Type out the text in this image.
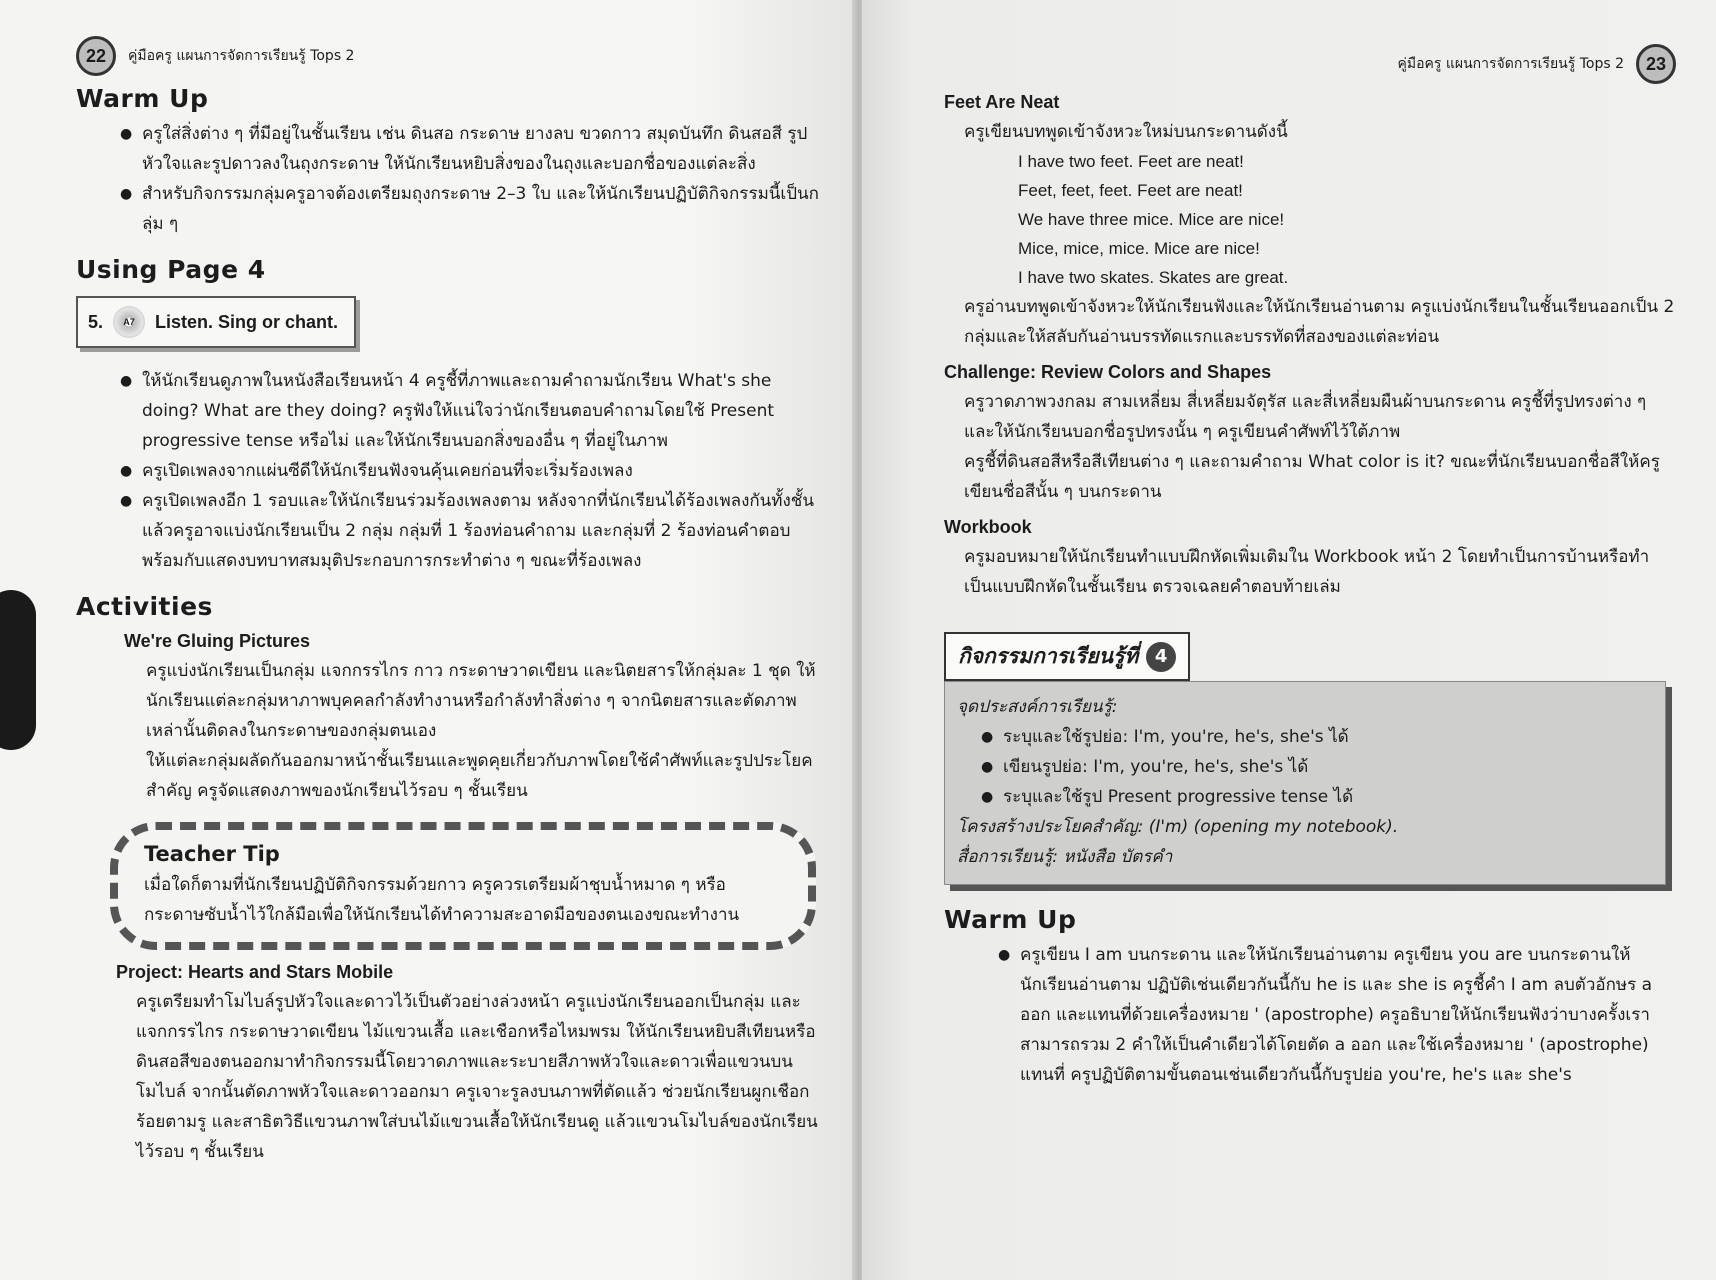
22	คู่มือครู แผนการจัดการเรียนรู้ Tops 2
Warm Up
● ครูใส่สิ่งต่าง ๆ ที่มีอยู่ในชั้นเรียน เช่น ดินสอ กระดาษ ยางลบ ขวดกาว สมุดบันทึก ดินสอสี รูปหัวใจและรูปดาวลงในถุงกระดาษ ให้นักเรียนหยิบสิ่งของในถุงและบอกชื่อของแต่ละสิ่ง
● สำหรับกิจกรรมกลุ่มครูอาจต้องเตรียมถุงกระดาษ 2–3 ใบ และให้นักเรียนปฏิบัติกิจกรรมนี้เป็นกลุ่ม ๆ
Using Page 4
5. A7 Listen. Sing or chant.
● ให้นักเรียนดูภาพในหนังสือเรียนหน้า 4 ครูชี้ที่ภาพและถามคำถามนักเรียน What's she doing? What are they doing? ครูฟังให้แน่ใจว่านักเรียนตอบคำถามโดยใช้ Present progressive tense หรือไม่ และให้นักเรียนบอกสิ่งของอื่น ๆ ที่อยู่ในภาพ
● ครูเปิดเพลงจากแผ่นซีดีให้นักเรียนฟังจนคุ้นเคยก่อนที่จะเริ่มร้องเพลง
● ครูเปิดเพลงอีก 1 รอบและให้นักเรียนร่วมร้องเพลงตาม หลังจากที่นักเรียนได้ร้องเพลงกันทั้งชั้นแล้วครูอาจแบ่งนักเรียนเป็น 2 กลุ่ม กลุ่มที่ 1 ร้องท่อนคำถาม และกลุ่มที่ 2 ร้องท่อนคำตอบ พร้อมกับแสดงบทบาทสมมุติประกอบการกระทำต่าง ๆ ขณะที่ร้องเพลง
Activities
We're Gluing Pictures

ครูแบ่งนักเรียนเป็นกลุ่ม แจกกรรไกร กาว กระดาษวาดเขียน และนิตยสารให้กลุ่มละ 1 ชุด ให้นักเรียนแต่ละกลุ่มหาภาพบุคคลกำลังทำงานหรือกำลังทำสิ่งต่าง ๆ จากนิตยสารและตัดภาพเหล่านั้นติดลงในกระดาษของกลุ่มตนเอง

ให้แต่ละกลุ่มผลัดกันออกมาหน้าชั้นเรียนและพูดคุยเกี่ยวกับภาพโดยใช้คำศัพท์และรูปประโยคสำคัญ ครูจัดแสดงภาพของนักเรียนไว้รอบ ๆ ชั้นเรียน

Teacher Tip
เมื่อใดก็ตามที่นักเรียนปฏิบัติกิจกรรมด้วยกาว ครูควรเตรียมผ้าชุบน้ำหมาด ๆ หรือกระดาษซับน้ำไว้ใกล้มือเพื่อให้นักเรียนได้ทำความสะอาดมือของตนเองขณะทำงาน
Project: Hearts and Stars Mobile

ครูเตรียมทำโมไบล์รูปหัวใจและดาวไว้เป็นตัวอย่างล่วงหน้า ครูแบ่งนักเรียนออกเป็นกลุ่ม และแจกกรรไกร กระดาษวาดเขียน ไม้แขวนเสื้อ และเชือกหรือไหมพรม ให้นักเรียนหยิบสีเทียนหรือดินสอสีของตนออกมาทำกิจกรรมนี้โดยวาดภาพและระบายสีภาพหัวใจและดาวเพื่อแขวนบนโมไบล์ จากนั้นตัดภาพหัวใจและดาวออกมา ครูเจาะรูลงบนภาพที่ตัดแล้ว ช่วยนักเรียนผูกเชือกร้อยตามรู และสาธิตวิธีแขวนภาพใส่บนไม้แขวนเสื้อให้นักเรียนดู แล้วแขวนโมไบล์ของนักเรียนไว้รอบ ๆ ชั้นเรียน

คู่มือครู แผนการจัดการเรียนรู้ Tops 2	23
Feet Are Neat

ครูเขียนบทพูดเข้าจังหวะใหม่บนกระดานดังนี้

I have two feet. Feet are neat!
Feet, feet, feet. Feet are neat!
We have three mice. Mice are nice!
Mice, mice, mice. Mice are nice!
I have two skates. Skates are great.

ครูอ่านบทพูดเข้าจังหวะให้นักเรียนฟังและให้นักเรียนอ่านตาม ครูแบ่งนักเรียนในชั้นเรียนออกเป็น 2 กลุ่มและให้สลับกันอ่านบรรทัดแรกและบรรทัดที่สองของแต่ละท่อน

Challenge: Review Colors and Shapes

ครูวาดภาพวงกลม สามเหลี่ยม สี่เหลี่ยมจัตุรัส และสี่เหลี่ยมผืนผ้าบนกระดาน ครูชี้ที่รูปทรงต่าง ๆ และให้นักเรียนบอกชื่อรูปทรงนั้น ๆ ครูเขียนคำศัพท์ไว้ใต้ภาพ

ครูชี้ที่ดินสอสีหรือสีเทียนต่าง ๆ และถามคำถาม What color is it? ขณะที่นักเรียนบอกชื่อสีให้ครูเขียนชื่อสีนั้น ๆ บนกระดาน

Workbook

ครูมอบหมายให้นักเรียนทำแบบฝึกหัดเพิ่มเติมใน Workbook หน้า 2 โดยทำเป็นการบ้านหรือทำเป็นแบบฝึกหัดในชั้นเรียน ตรวจเฉลยคำตอบท้ายเล่ม

กิจกรรมการเรียนรู้ที่ 4
จุดประสงค์การเรียนรู้:
● ระบุและใช้รูปย่อ: I'm, you're, he's, she's ได้
● เขียนรูปย่อ: I'm, you're, he's, she's ได้
● ระบุและใช้รูป Present progressive tense ได้
โครงสร้างประโยคสำคัญ: (I'm) (opening my notebook).
สื่อการเรียนรู้: หนังสือ บัตรคำ
Warm Up
● ครูเขียน I am บนกระดาน และให้นักเรียนอ่านตาม ครูเขียน you are บนกระดานให้นักเรียนอ่านตาม ปฏิบัติเช่นเดียวกันนี้กับ he is และ she is ครูชี้คำ I am ลบตัวอักษร a ออก และแทนที่ด้วยเครื่องหมาย ' (apostrophe) ครูอธิบายให้นักเรียนฟังว่าบางครั้งเราสามารถรวม 2 คำให้เป็นคำเดียวได้โดยตัด a ออก และใช้เครื่องหมาย ' (apostrophe) แทนที่ ครูปฏิบัติตามขั้นตอนเช่นเดียวกันนี้กับรูปย่อ you're, he's และ she's
